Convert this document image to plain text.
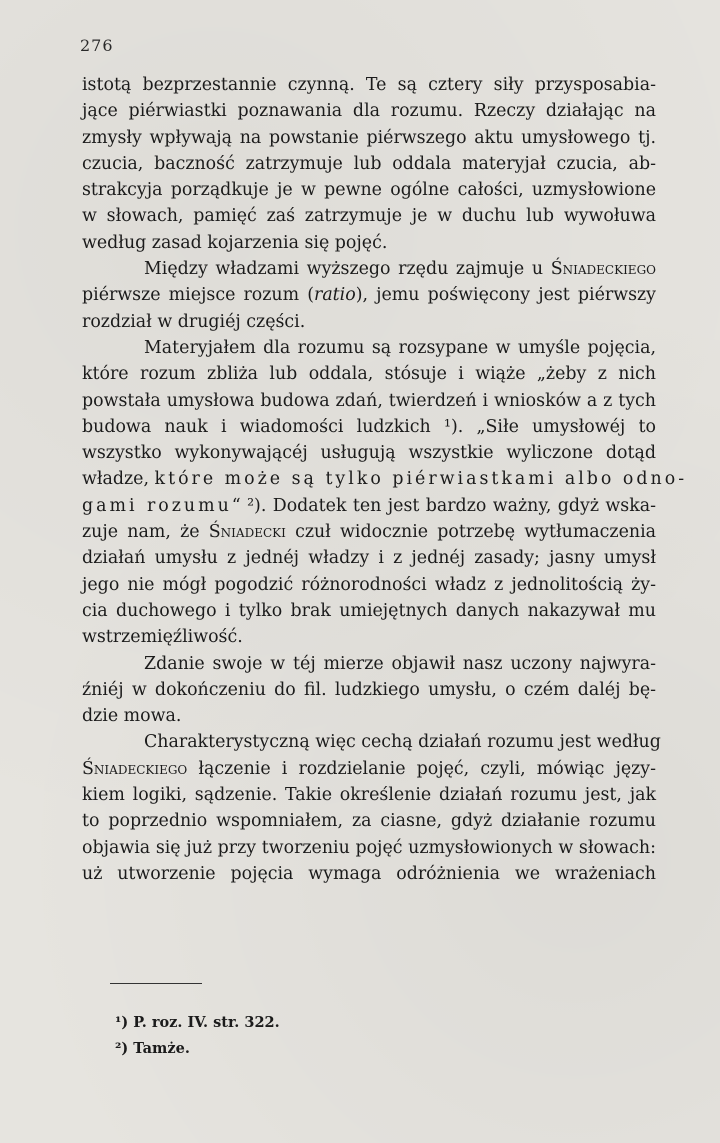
276

istotą bezprzestannie czynną. Te są cztery siły przysposabia-
jące piérwiastki poznawania dla rozumu. Rzeczy działając na
zmysły wpływają na powstanie piérwszego aktu umysłowego tj.
czucia, baczność zatrzymuje lub oddala materyjał czucia, ab-
strakcyja porządkuje je w pewne ogólne całości, uzmysłowione
w słowach, pamięć zaś zatrzymuje je w duchu lub wywołuwa
według zasad kojarzenia się pojęć.

Między władzami wyższego rzędu zajmuje u Śniadeckiego
piérwsze miejsce rozum (ratio), jemu poświęcony jest piérwszy
rozdział w drugiéj części.

Materyjałem dla rozumu są rozsypane w umyśle pojęcia,
które rozum zbliża lub oddala, stósuje i wiąże „żeby z nich
powstała umysłowa budowa zdań, twierdzeń i wniosków a z tych
budowa nauk i wiadomości ludzkich ¹). „Siłe umysłowéj to
wszystko wykonywającéj usługują wszystkie wyliczone dotąd
władze, które może są tylko piérwiastkami albo odno-
gami rozumu“ ²). Dodatek ten jest bardzo ważny, gdyż wska-
zuje nam, że Śniadecki czuł widocznie potrzebę wytłumaczenia
działań umysłu z jednéj władzy i z jednéj zasady; jasny umysł
jego nie mógł pogodzić różnorodności władz z jednolitością ży-
cia duchowego i tylko brak umiejętnych danych nakazywał mu
wstrzemięźliwość.

Zdanie swoje w téj mierze objawił nasz uczony najwyra-
źniéj w dokończeniu do fil. ludzkiego umysłu, o czém daléj bę-
dzie mowa.

Charakterystyczną więc cechą działań rozumu jest według
Śniadeckiego łączenie i rozdzielanie pojęć, czyli, mówiąc języ-
kiem logiki, sądzenie. Takie określenie działań rozumu jest, jak
to poprzednio wspomniałem, za ciasne, gdyż działanie rozumu
objawia się już przy tworzeniu pojęć uzmysłowionych w słowach:
uż utworzenie pojęcia wymaga odróżnienia we wrażeniach

¹) P. roz. IV. str. 322.
²) Tamże.
